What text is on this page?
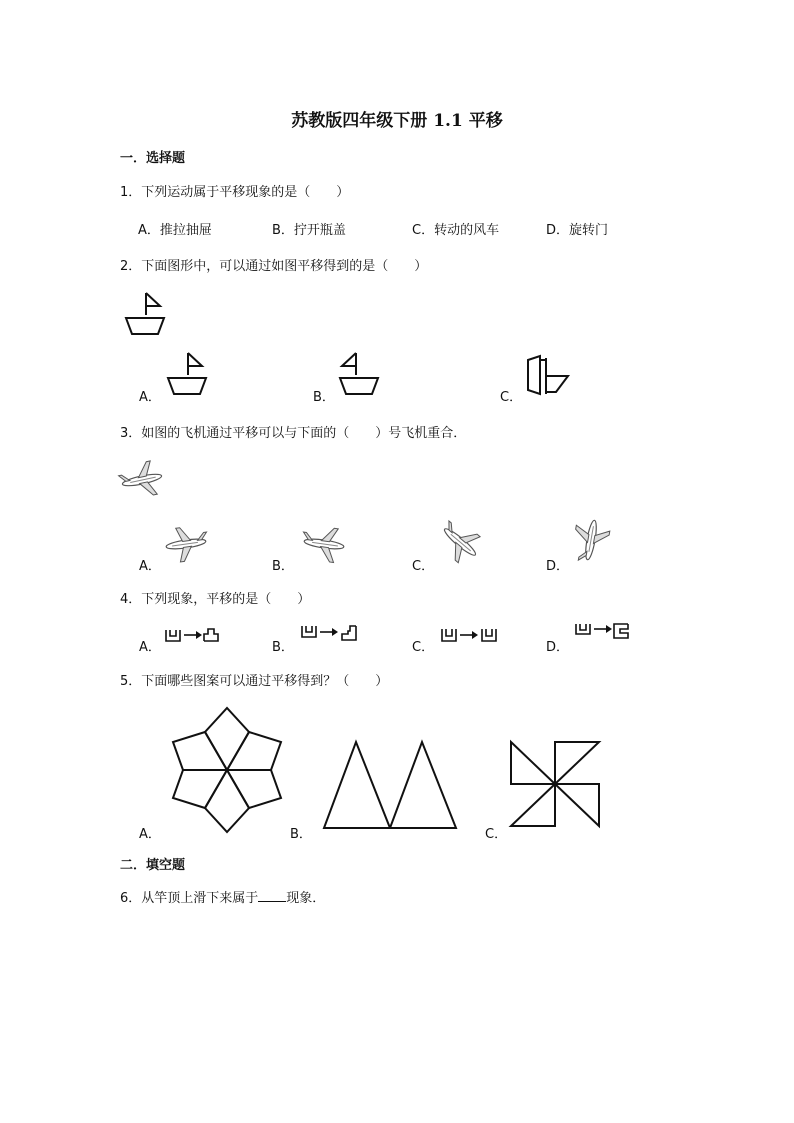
苏教版四年级下册 1.1 平移
一．选择题
1．下列运动属于平移现象的是（　　）
A．推拉抽屉	B．拧开瓶盖	C．转动的风车	D．旋转门
2．下面图形中，可以通过如图平移得到的是（　　）
A．	B．	C．
3．如图的飞机通过平移可以与下面的（　　）号飞机重合．
A．	B．	C．	D．
4．下列现象，平移的是（　　）
A．	B．	C．	D．
5．下面哪些图案可以通过平移得到？（　　）
A．	B．	C．
二．填空题
6．从竿顶上滑下来属于 现象．
